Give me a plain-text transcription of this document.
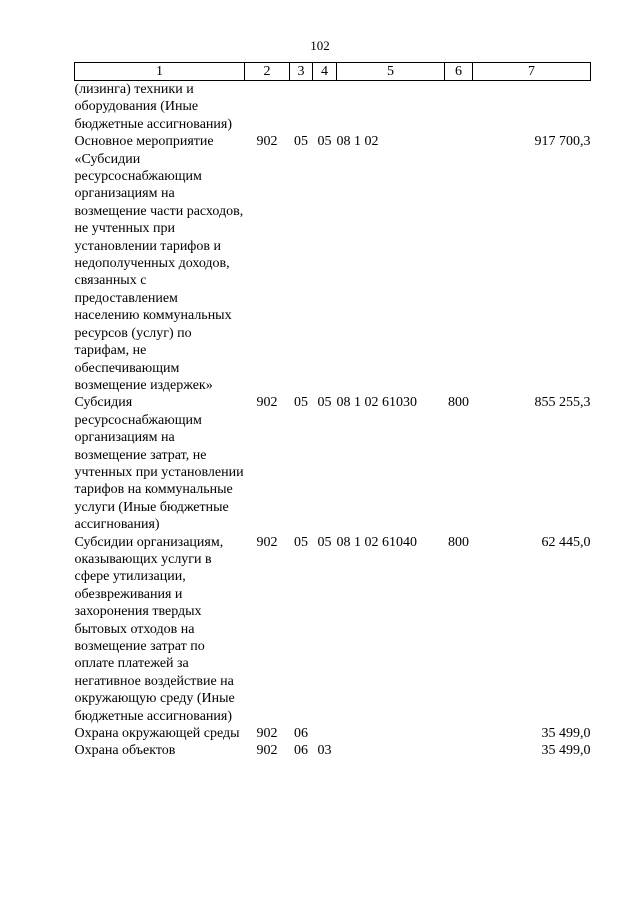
102
1	2	3	4	5	6	7
(лизинга) техники и оборудования (Иные бюджетные ассигнования)						
Основное мероприятие «Субсидии ресурсоснабжающим организациям на возмещение части расходов, не учтенных при установлении тарифов и недополученных доходов, связанных с предоставлением населению коммунальных ресурсов (услуг) по тарифам, не обеспечивающим возмещение издержек»	902	05	05	08 1 02		917 700,3
Субсидия ресурсоснабжающим организациям на возмещение затрат, не учтенных при установлении тарифов на коммунальные услуги (Иные бюджетные ассигнования)	902	05	05	08 1 02 61030	800	855 255,3
Субсидии организациям, оказывающих услуги в сфере утилизации, обезвреживания и захоронения твердых бытовых отходов на возмещение затрат по оплате платежей за негативное воздействие на окружающую среду (Иные бюджетные ассигнования)	902	05	05	08 1 02 61040	800	62 445,0
Охрана окружающей среды	902	06				35 499,0
Охрана объектов	902	06	03			35 499,0
